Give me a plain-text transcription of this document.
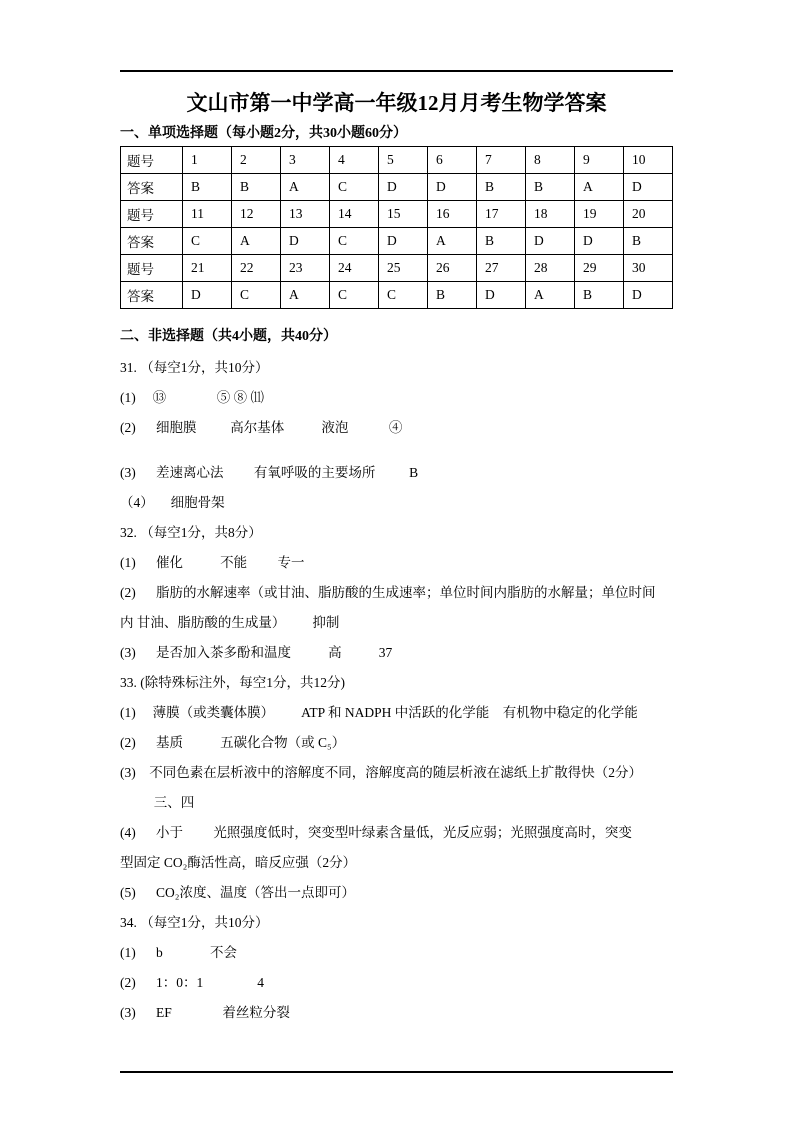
文山市第一中学高一年级12月月考生物学答案
一、单项选择题（每小题2分，共30小题60分）
题号	1	2	3	4	5	6	7	8	9	10
答案	B	B	A	C	D	D	B	B	A	D
题号	11	12	13	14	15	16	17	18	19	20
答案	C	A	D	C	D	A	B	D	D	B
题号	21	22	23	24	25	26	27	28	29	30
答案	D	C	A	C	C	B	D	A	B	D
二、非选择题（共4小题，共40分）

31. （每空1分，共10分）

(1)     ⑬               ⑤ ⑧ ⑾

(2)      细胞膜          高尔基体           液泡            ④

(3)      差速离心法         有氧呼吸的主要场所          B

（4）     细胞骨架

32. （每空1分，共8分）

(1)      催化           不能         专一

(2)      脂肪的水解速率（或甘油、脂肪酸的生成速率；单位时间内脂肪的水解量；单位时间

内 甘油、脂肪酸的生成量）        抑制

(3)      是否加入茶多酚和温度           高           37

33. (除特殊标注外，每空1分，共12分)

(1)     薄膜（或类囊体膜）        ATP 和 NADPH 中活跃的化学能    有机物中稳定的化学能

(2)      基质           五碳化合物（或 C₅）

(3)    不同色素在层析液中的溶解度不同，溶解度高的随层析液在滤纸上扩散得快（2分）

三、四

(4)      小于         光照强度低时，突变型叶绿素含量低，光反应弱；光照强度高时，突变

型固定 CO₂酶活性高，暗反应强（2分）

(5)      CO₂浓度、温度（答出一点即可）

34. （每空1分，共10分）

(1)      b              不会

(2)      1：0：1                4

(3)      EF               着丝粒分裂
